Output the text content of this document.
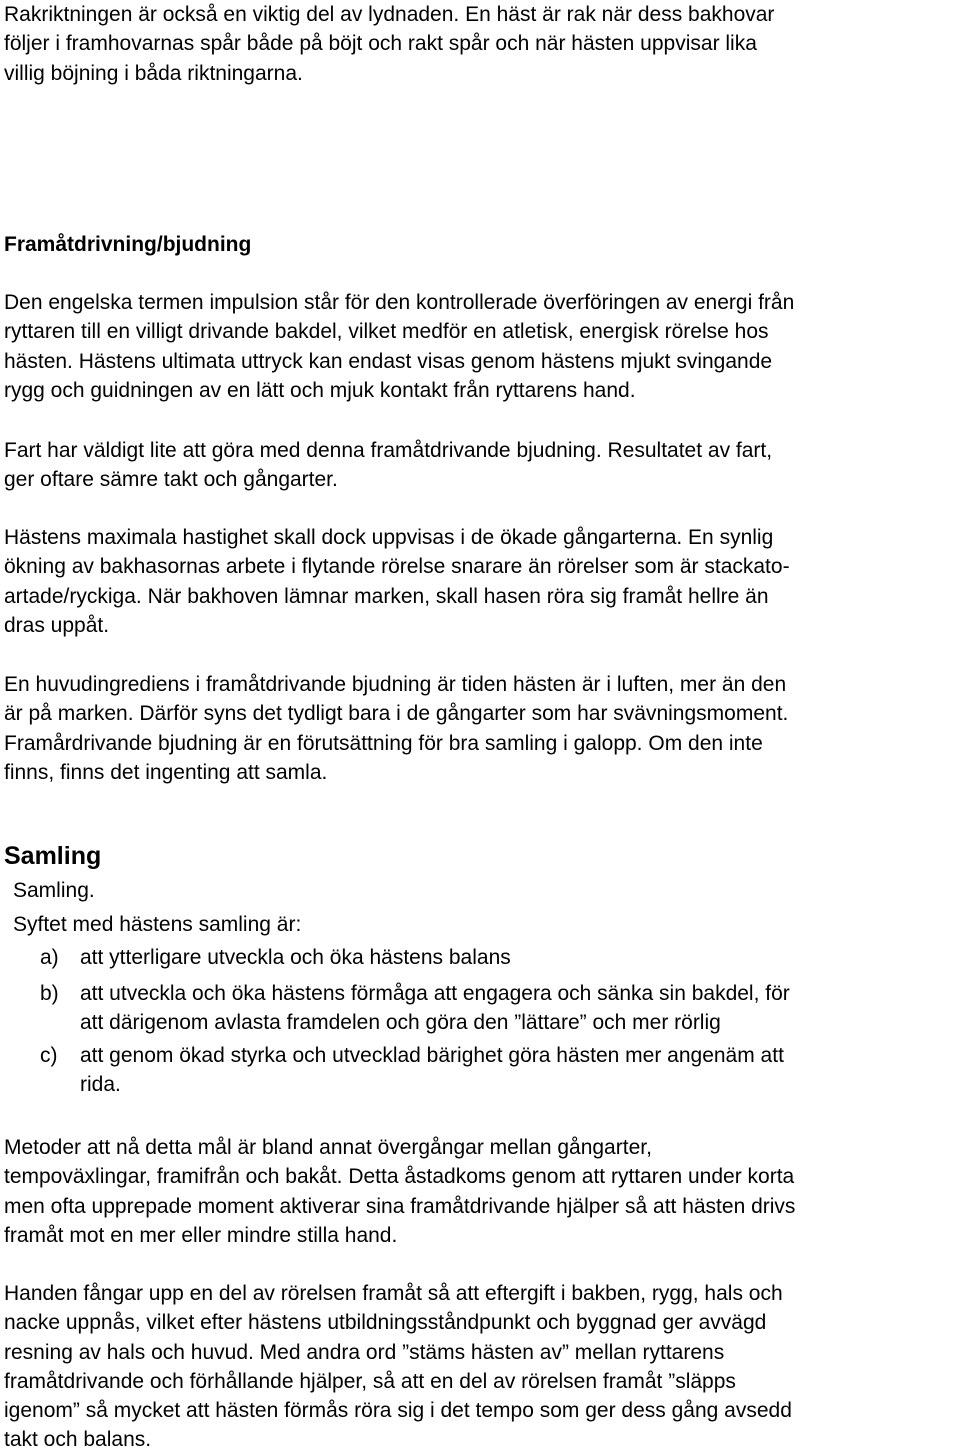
Rakriktningen är också en viktig del av lydnaden. En häst är rak när dess bakhovar
följer i framhovarnas spår både på böjt och rakt spår och när hästen uppvisar lika
villig böjning i båda riktningarna.

Framåtdrivning/bjudning

Den engelska termen impulsion står för den kontrollerade överföringen av energi från
ryttaren till en villigt drivande bakdel, vilket medför en atletisk, energisk rörelse hos
hästen. Hästens ultimata uttryck kan endast visas genom hästens mjukt svingande
rygg och guidningen av en lätt och mjuk kontakt från ryttarens hand.

Fart har väldigt lite att göra med denna framåtdrivande bjudning. Resultatet av fart,
ger oftare sämre takt och gångarter.

Hästens maximala hastighet skall dock uppvisas i de ökade gångarterna. En synlig
ökning av bakhasornas arbete i flytande rörelse snarare än rörelser som är stackato-
artade/ryckiga. När bakhoven lämnar marken, skall hasen röra sig framåt hellre än
dras uppåt.

En huvudingrediens i framåtdrivande bjudning är tiden hästen är i luften, mer än den
är på marken. Därför syns det tydligt bara i de gångarter som har svävningsmoment.
Framårdrivande bjudning är en förutsättning för bra samling i galopp. Om den inte
finns, finns det ingenting att samla.

Samling

Samling.

Syftet med hästens samling är:

a) att ytterligare utveckla och öka hästens balans
b) att utveckla och öka hästens förmåga att engagera och sänka sin bakdel, för
att därigenom avlasta framdelen och göra den ”lättare” och mer rörlig
c) att genom ökad styrka och utvecklad bärighet göra hästen mer angenäm att
rida.

Metoder att nå detta mål är bland annat övergångar mellan gångarter,
tempoväxlingar, framifrån och bakåt. Detta åstadkoms genom att ryttaren under korta
men ofta upprepade moment aktiverar sina framåtdrivande hjälper så att hästen drivs
framåt mot en mer eller mindre stilla hand.

Handen fångar upp en del av rörelsen framåt så att eftergift i bakben, rygg, hals och
nacke uppnås, vilket efter hästens utbildningsståndpunkt och byggnad ger avvägd
resning av hals och huvud. Med andra ord ”stäms hästen av” mellan ryttarens
framåtdrivande och förhållande hjälper, så att en del av rörelsen framåt ”släpps
igenom” så mycket att hästen förmås röra sig i det tempo som ger dess gång avsedd
takt och balans.
